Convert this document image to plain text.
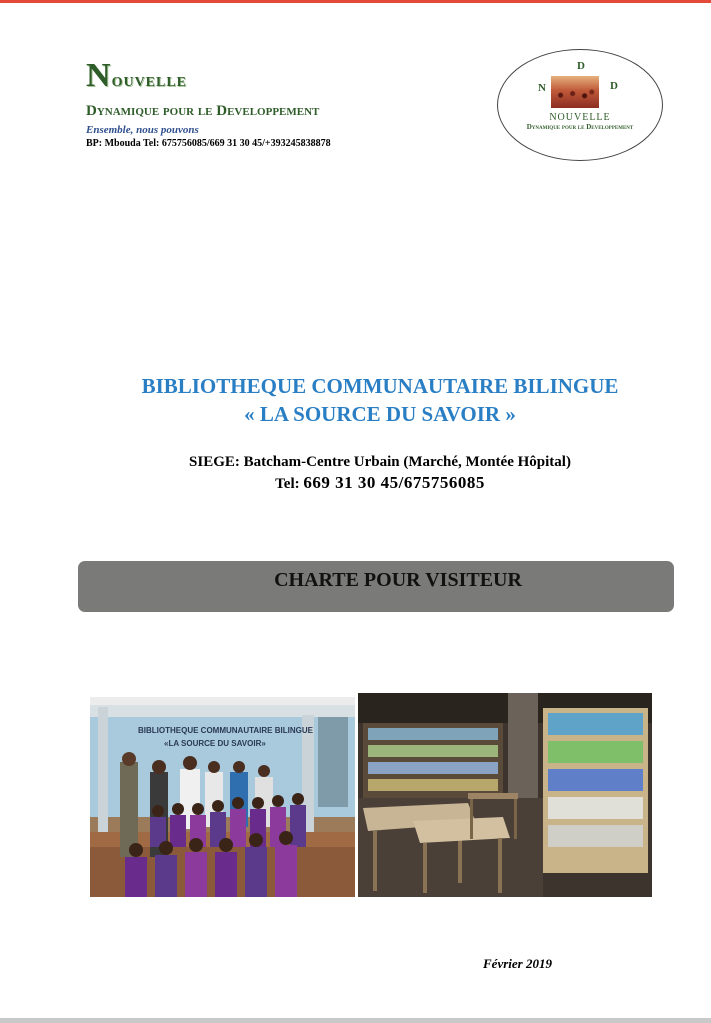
Nouvelle
Dynamique pour le Developpement
Ensemble, nous pouvons
BP: Mbouda Tel: 675756085/669 31 30 45/+393245838878
D
N	D
NOUVELLE
Dynamique pour le Developpement
BIBLIOTHEQUE COMMUNAUTAIRE BILINGUE
« LA SOURCE DU SAVOIR »
SIEGE: Batcham-Centre Urbain (Marché, Montée Hôpital)
Tel: 669 31 30 45/675756085
CHARTE POUR VISITEUR
BIBLIOTHEQUE COMMUNAUTAIRE BILINGUE
«LA SOURCE DU SAVOIR»
Février 2019
